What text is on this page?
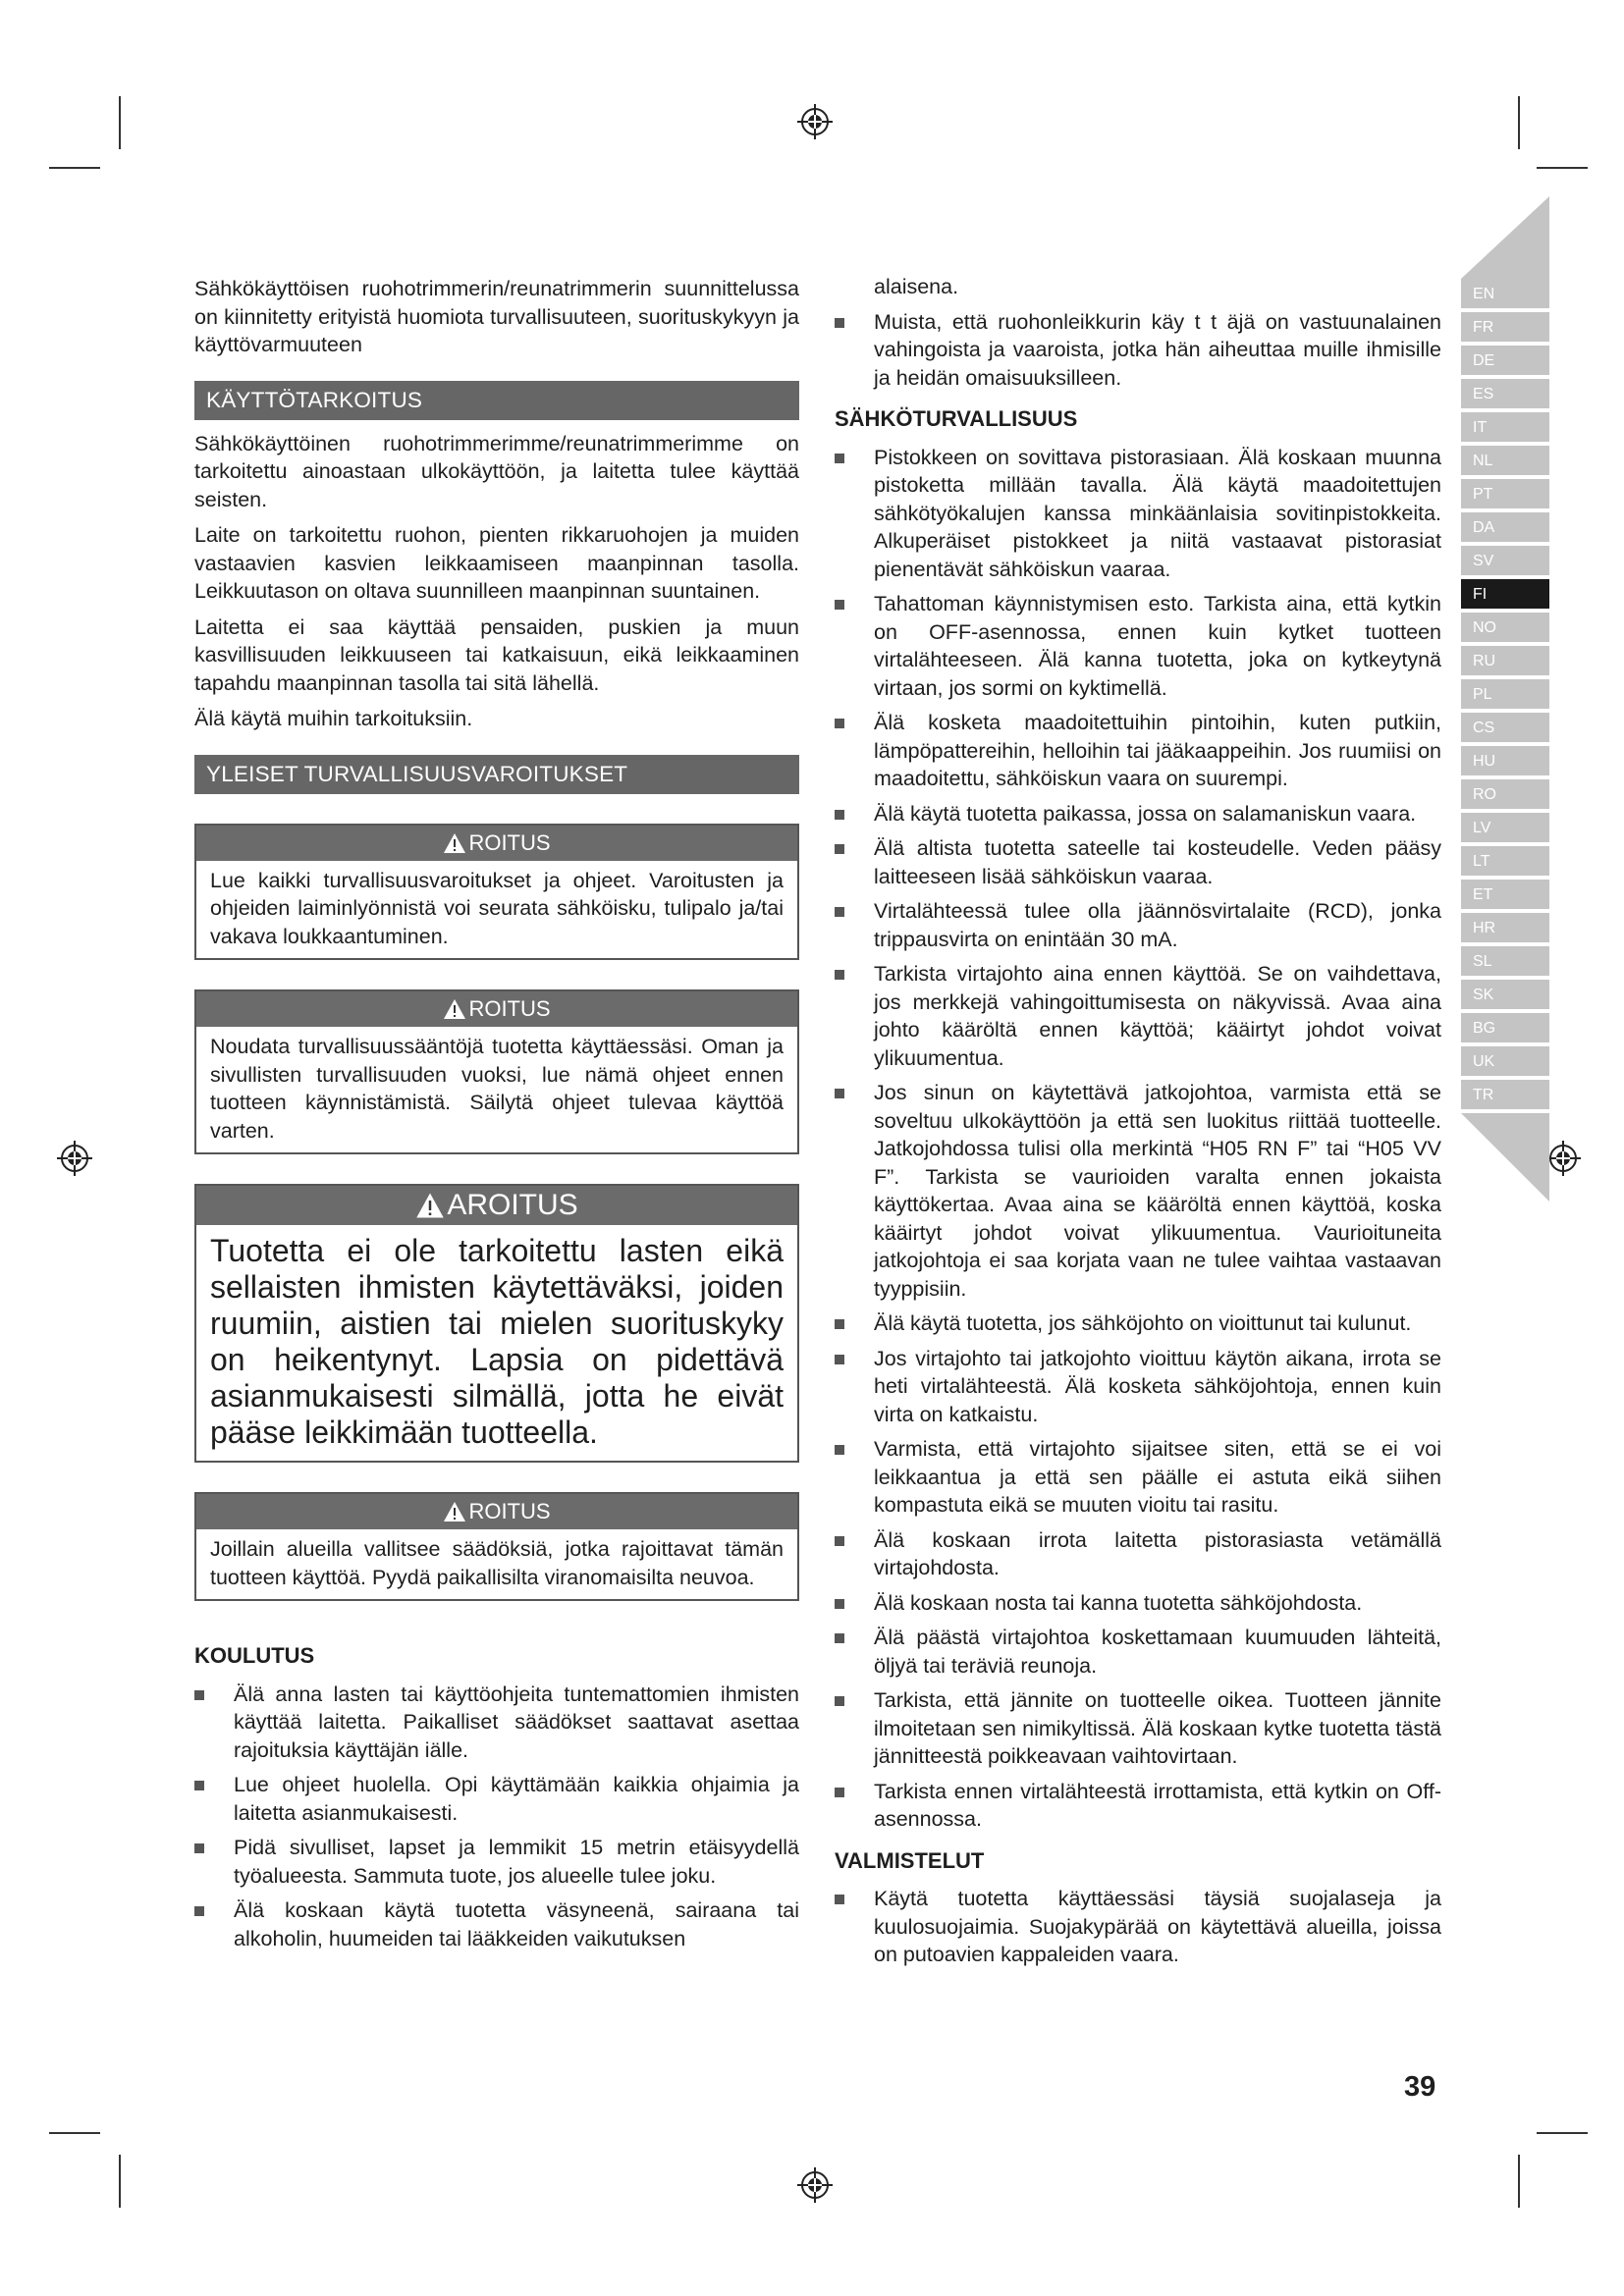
Sähkökäyttöisen ruohotrimmerin/reunatrimmerin suunnittelussa on kiinnitetty erityistä huomiota turvallisuuteen, suorituskykyyn ja käyttövarmuuteen

KÄYTTÖTARKOITUS

Sähkökäyttöinen ruohotrimmerimme/reunatrimmerimme on tarkoitettu ainoastaan ulkokäyttöön, ja laitetta tulee käyttää seisten.

Laite on tarkoitettu ruohon, pienten rikkaruohojen ja muiden vastaavien kasvien leikkaamiseen maanpinnan tasolla. Leikkuutason on oltava suunnilleen maanpinnan suuntainen.

Laitetta ei saa käyttää pensaiden, puskien ja muun kasvillisuuden leikkuuseen tai katkaisuun, eikä leikkaaminen tapahdu maanpinnan tasolla tai sitä lähellä.

Älä käytä muihin tarkoituksiin.

YLEISET TURVALLISUUSVAROITUKSET
ROITUS
Lue kaikki turvallisuusvaroitukset ja ohjeet. Varoitusten ja ohjeiden laiminlyönnistä voi seurata sähköisku, tulipalo ja/tai vakava loukkaantuminen.
ROITUS
Noudata turvallisuussääntöjä tuotetta käyttäessäsi. Oman ja sivullisten turvallisuuden vuoksi, lue nämä ohjeet ennen tuotteen käynnistämistä. Säilytä ohjeet tulevaa käyttöä varten.
AROITUS
Tuotetta ei ole tarkoitettu lasten eikä sellaisten ihmisten käytettäväksi, joiden ruumiin, aistien tai mielen suorituskyky on heikentynyt. Lapsia on pidettävä asianmukaisesti silmällä, jotta he eivät pääse leikkimään tuotteella.
ROITUS
Joillain alueilla vallitsee säädöksiä, jotka rajoittavat tämän tuotteen käyttöä. Pyydä paikallisilta viranomaisilta neuvoa.
KOULUTUS
Älä anna lasten tai käyttöohjeita tuntemattomien ihmisten käyttää laitetta. Paikalliset säädökset saattavat asettaa rajoituksia käyttäjän iälle.
Lue ohjeet huolella. Opi käyttämään kaikkia ohjaimia ja laitetta asianmukaisesti.
Pidä sivulliset, lapset ja lemmikit 15 metrin etäisyydellä työalueesta. Sammuta tuote, jos alueelle tulee joku.
Älä koskaan käytä tuotetta väsyneenä, sairaana tai alkoholin, huumeiden tai lääkkeiden vaikutuksen

alaisena.

Muista, että ruohonleikkurin käy t t äjä on vastuunalainen vahingoista ja vaaroista, jotka hän aiheuttaa muille ihmisille ja heidän omaisuuksilleen.
SÄHKÖTURVALLISUUS
Pistokkeen on sovittava pistorasiaan. Älä koskaan muunna pistoketta millään tavalla. Älä käytä maadoitettujen sähkötyökalujen kanssa minkäänlaisia sovitinpistokkeita. Alkuperäiset pistokkeet ja niitä vastaavat pistorasiat pienentävät sähköiskun vaaraa.
Tahattoman käynnistymisen esto. Tarkista aina, että kytkin on OFF-asennossa, ennen kuin kytket tuotteen virtalähteeseen. Älä kanna tuotetta, joka on kytkeytynä virtaan, jos sormi on kyktimellä.
Älä kosketa maadoitettuihin pintoihin, kuten putkiin, lämpöpattereihin, helloihin tai jääkaappeihin. Jos ruumiisi on maadoitettu, sähköiskun vaara on suurempi.
Älä käytä tuotetta paikassa, jossa on salamaniskun vaara.
Älä altista tuotetta sateelle tai kosteudelle. Veden pääsy laitteeseen lisää sähköiskun vaaraa.
Virtalähteessä tulee olla jäännösvirtalaite (RCD), jonka trippausvirta on enintään 30 mA.
Tarkista virtajohto aina ennen käyttöä. Se on vaihdettava, jos merkkejä vahingoittumisesta on näkyvissä. Avaa aina johto kääröltä ennen käyttöä; kääirtyt johdot voivat ylikuumentua.
Jos sinun on käytettävä jatkojohtoa, varmista että se soveltuu ulkokäyttöön ja että sen luokitus riittää tuotteelle. Jatkojohdossa tulisi olla merkintä “H05 RN F” tai “H05 VV F”. Tarkista se vaurioiden varalta ennen jokaista käyttökertaa. Avaa aina se kääröltä ennen käyttöä, koska kääirtyt johdot voivat ylikuumentua. Vaurioituneita jatkojohtoja ei saa korjata vaan ne tulee vaihtaa vastaavan tyyppisiin.
Älä käytä tuotetta, jos sähköjohto on vioittunut tai kulunut.
Jos virtajohto tai jatkojohto vioittuu käytön aikana, irrota se heti virtalähteestä. Älä kosketa sähköjohtoja, ennen kuin virta on katkaistu.
Varmista, että virtajohto sijaitsee siten, että se ei voi leikkaantua ja että sen päälle ei astuta eikä siihen kompastuta eikä se muuten vioitu tai rasitu.
Älä koskaan irrota laitetta pistorasiasta vetämällä virtajohdosta.
Älä koskaan nosta tai kanna tuotetta sähköjohdosta.
Älä päästä virtajohtoa koskettamaan kuumuuden lähteitä, öljyä tai teräviä reunoja.
Tarkista, että jännite on tuotteelle oikea. Tuotteen jännite ilmoitetaan sen nimikyltissä. Älä koskaan kytke tuotetta tästä jännitteestä poikkeavaan vaihtovirtaan.
Tarkista ennen virtalähteestä irrottamista, että kytkin on Off-asennossa.
VALMISTELUT
Käytä tuotetta käyttäessäsi täysiä suojalaseja ja kuulosuojaimia. Suojakypärää on käytettävä alueilla, joissa on putoavien kappaleiden vaara.
EN
FR
DE
ES
IT
NL
PT
DA
SV
FI
NO
RU
PL
CS
HU
RO
LV
LT
ET
HR
SL
SK
BG
UK
TR
39
